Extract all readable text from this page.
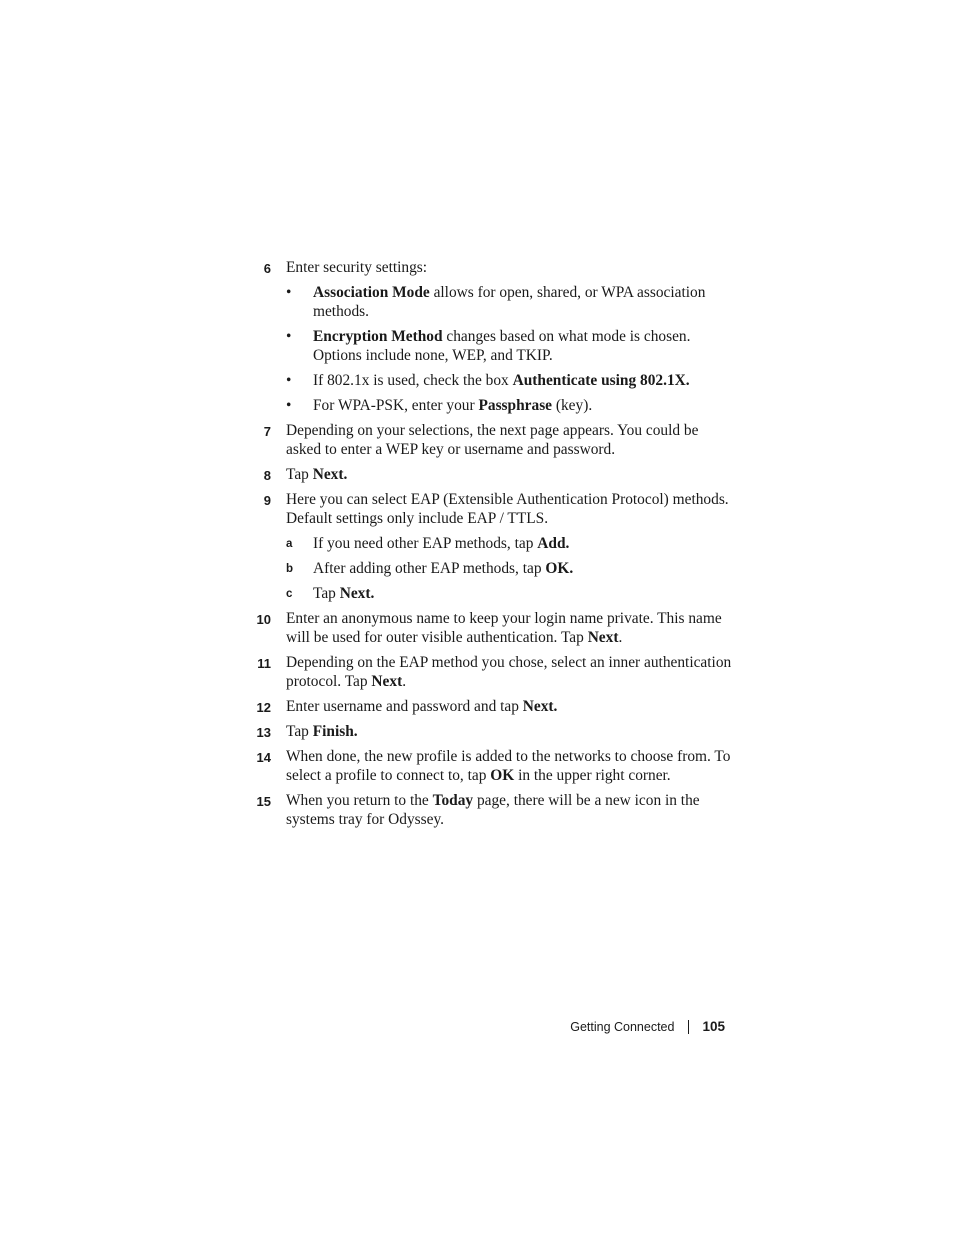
6 Enter security settings:
• Association Mode allows for open, shared, or WPA association methods.
• Encryption Method changes based on what mode is chosen. Options include none, WEP, and TKIP.
• If 802.1x is used, check the box Authenticate using 802.1X.
• For WPA-PSK, enter your Passphrase (key).
7 Depending on your selections, the next page appears. You could be asked to enter a WEP key or username and password.
8 Tap Next.
9 Here you can select EAP (Extensible Authentication Protocol) methods. Default settings only include EAP / TTLS.
a If you need other EAP methods, tap Add.
b After adding other EAP methods, tap OK.
c Tap Next.
10 Enter an anonymous name to keep your login name private. This name will be used for outer visible authentication. Tap Next.
11 Depending on the EAP method you chose, select an inner authentication protocol. Tap Next.
12 Enter username and password and tap Next.
13 Tap Finish.
14 When done, the new profile is added to the networks to choose from. To select a profile to connect to, tap OK in the upper right corner.
15 When you return to the Today page, there will be a new icon in the systems tray for Odyssey.
Getting Connected 105
